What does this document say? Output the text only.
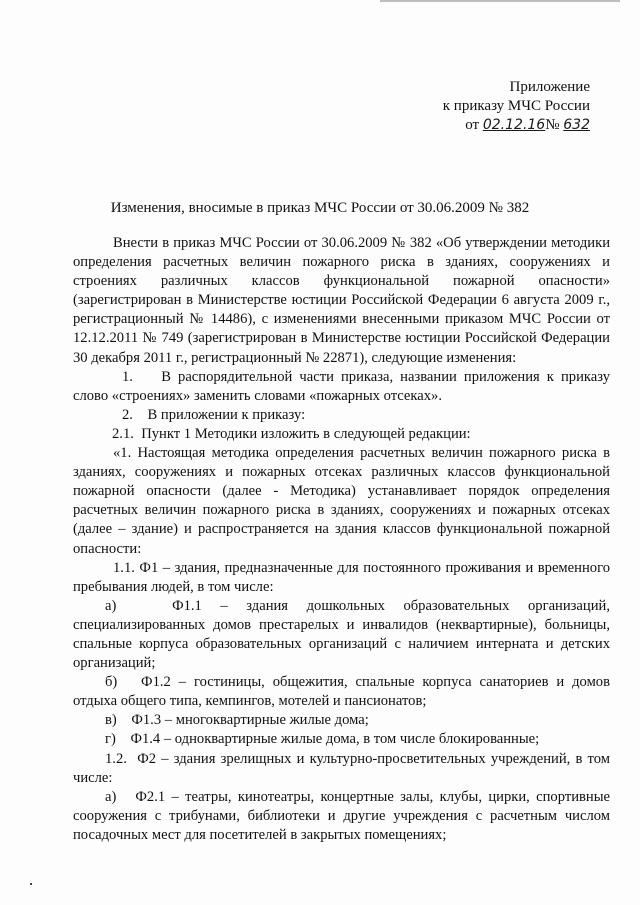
Приложение
к приказу МЧС России
от 02.12.16№ 632
Изменения, вносимые в приказ МЧС России от 30.06.2009 № 382

Внести в приказ МЧС России от 30.06.2009 № 382 «Об утверждении методики определения расчетных величин пожарного риска в зданиях, сооружениях и строениях различных классов функциональной пожарной опасности» (зарегистрирован в Министерстве юстиции Российской Федерации 6 августа 2009 г., регистрационный № 14486), с изменениями внесенными приказом МЧС России от 12.12.2011 № 749 (зарегистрирован в Министерстве юстиции Российской Федерации 30 декабря 2011 г., регистрационный № 22871), следующие изменения:

1.    В распорядительной части приказа, названии приложения к приказу слово «строениях» заменить словами «пожарных отсеках».

2.    В приложении к приказу:

2.1.  Пункт 1 Методики изложить в следующей редакции:

«1. Настоящая методика определения расчетных величин пожарного риска в зданиях, сооружениях и пожарных отсеках различных классов функциональной пожарной опасности (далее - Методика) устанавливает порядок определения расчетных величин пожарного риска в зданиях, сооружениях и пожарных отсеках (далее – здание) и распространяется на здания классов функциональной пожарной опасности:

1.1. Ф1 – здания, предназначенные для постоянного проживания и временного пребывания людей, в том числе:

а)   Ф1.1 – здания дошкольных образовательных организаций, специализированных домов престарелых и инвалидов (неквартирные), больницы, спальные корпуса образовательных организаций с наличием интерната и детских организаций;

б)   Ф1.2 – гостиницы, общежития, спальные корпуса санаториев и домов отдыха общего типа, кемпингов, мотелей и пансионатов;

в)    Ф1.3 – многоквартирные жилые дома;

г)    Ф1.4 – одноквартирные жилые дома, в том числе блокированные;

1.2.  Ф2 – здания зрелищных и культурно-просветительных учреждений, в том числе:

а)   Ф2.1 – театры, кинотеатры, концертные залы, клубы, цирки, спортивные сооружения с трибунами, библиотеки и другие учреждения с расчетным числом посадочных мест для посетителей в закрытых помещениях;
